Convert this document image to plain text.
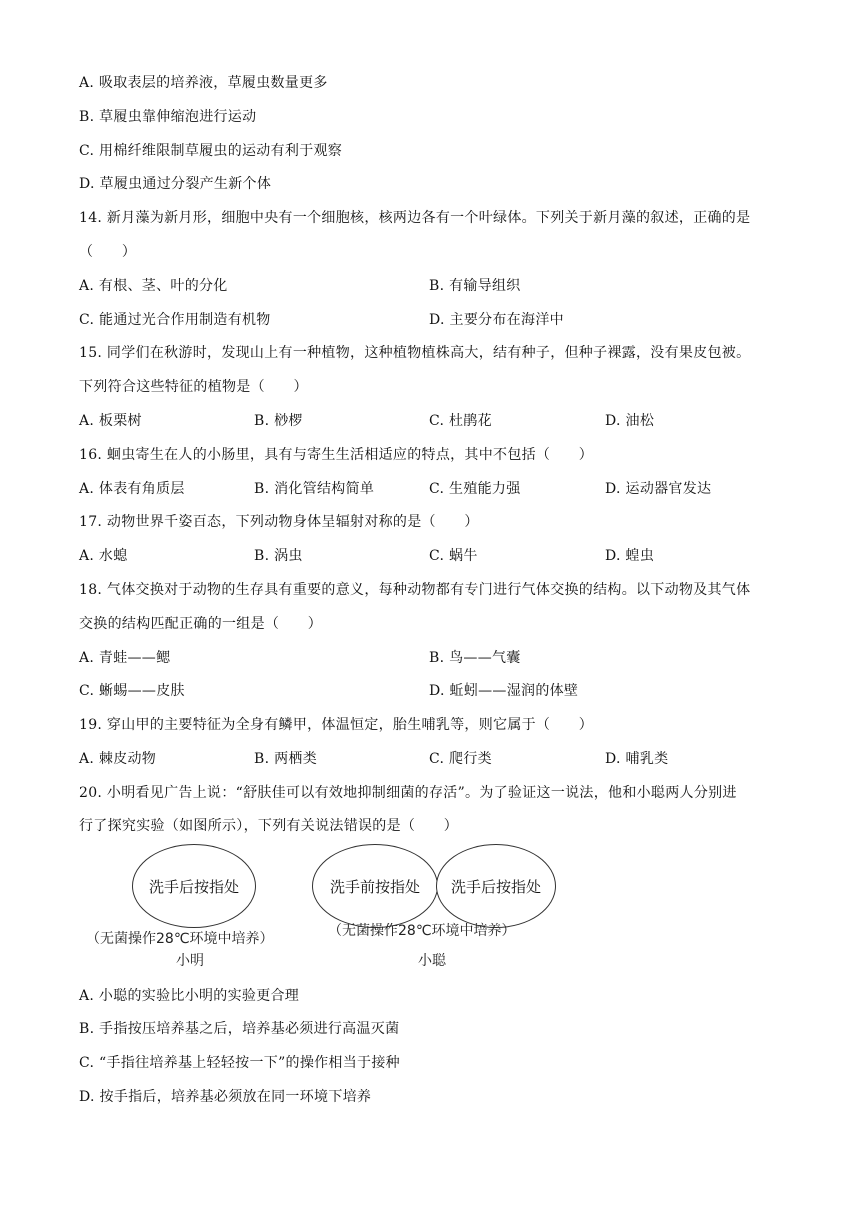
A. 吸取表层的培养液，草履虫数量更多
B. 草履虫靠伸缩泡进行运动
C. 用棉纤维限制草履虫的运动有利于观察
D. 草履虫通过分裂产生新个体
14. 新月藻为新月形，细胞中央有一个细胞核，核两边各有一个叶绿体。下列关于新月藻的叙述，正确的是
（　　）
A. 有根、茎、叶的分化	B. 有输导组织
C. 能通过光合作用制造有机物	D. 主要分布在海洋中
15. 同学们在秋游时，发现山上有一种植物，这种植物植株高大，结有种子，但种子裸露，没有果皮包被。
下列符合这些特征的植物是（　　）
A. 板栗树	B. 桫椤	C. 杜鹃花	D. 油松
16. 蛔虫寄生在人的小肠里，具有与寄生生活相适应的特点，其中不包括（　　）
A. 体表有角质层	B. 消化管结构简单	C. 生殖能力强	D. 运动器官发达
17. 动物世界千姿百态，下列动物身体呈辐射对称的是（　　）
A. 水螅	B. 涡虫	C. 蜗牛	D. 蝗虫
18. 气体交换对于动物的生存具有重要的意义，每种动物都有专门进行气体交换的结构。以下动物及其气体
交换的结构匹配正确的一组是（　　）
A. 青蛙——鳃	B. 鸟——气囊
C. 蜥蜴——皮肤	D. 蚯蚓——湿润的体壁
19. 穿山甲的主要特征为全身有鳞甲，体温恒定，胎生哺乳等，则它属于（　　）
A. 棘皮动物	B. 两栖类	C. 爬行类	D. 哺乳类
20. 小明看见广告上说：“舒肤佳可以有效地抑制细菌的存活”。为了验证这一说法，他和小聪两人分别进
行了探究实验（如图所示），下列有关说法错误的是（　　）
洗手后按指处	洗手前按指处 洗手后按指处
（无菌操作28℃环境中培养）	（无菌操作28℃环境中培养）
小明	小聪
A. 小聪的实验比小明的实验更合理
B. 手指按压培养基之后，培养基必须进行高温灭菌
C. “手指往培养基上轻轻按一下”的操作相当于接种
D. 按手指后，培养基必须放在同一环境下培养
